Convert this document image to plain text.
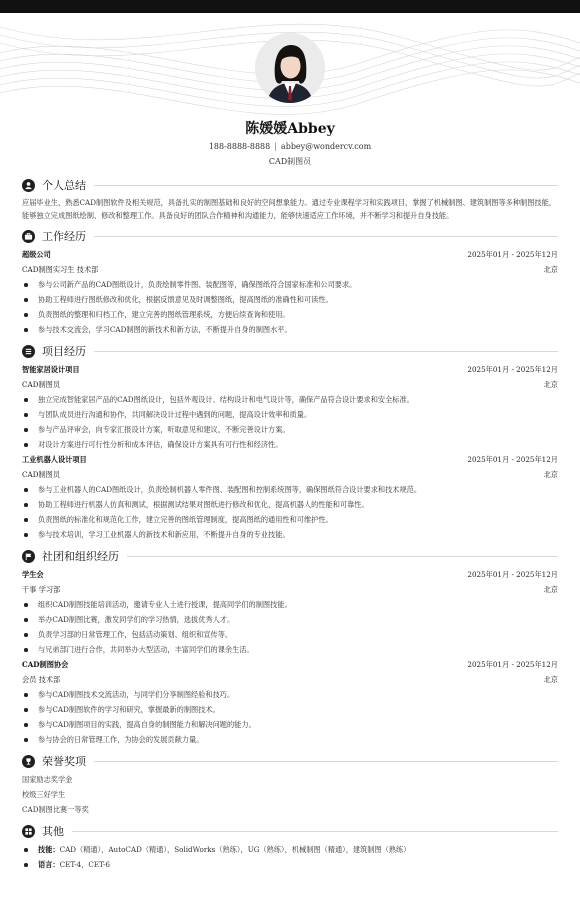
陈媛媛Abbey
188-8888-8888 | abbey@wondercv.com
CAD制图员
个人总结

应届毕业生，熟悉CAD制图软件及相关规范，具备扎实的制图基础和良好的空间想象能力。通过专业课程学习和实践项目，掌握了机械制图、建筑制图等多种制图技能，能够独立完成图纸绘制、修改和整理工作。具备良好的团队合作精神和沟通能力，能够快速适应工作环境，并不断学习和提升自身技能。

工作经历
超级公司	2025年01月 - 2025年12月
CAD制图实习生 技术部	北京
参与公司新产品的CAD图纸设计，负责绘制零件图、装配图等，确保图纸符合国家标准和公司要求。
协助工程师进行图纸修改和优化，根据反馈意见及时调整图纸，提高图纸的准确性和可读性。
负责图纸的整理和归档工作，建立完善的图纸管理系统，方便后续查询和使用。
参与技术交流会，学习CAD制图的新技术和新方法，不断提升自身的制图水平。
项目经历
智能家居设计项目	2025年01月 - 2025年12月
CAD制图员	北京
独立完成智能家居产品的CAD图纸设计，包括外观设计、结构设计和电气设计等，确保产品符合设计要求和安全标准。
与团队成员进行沟通和协作，共同解决设计过程中遇到的问题，提高设计效率和质量。
参与产品评审会，向专家汇报设计方案，听取意见和建议，不断完善设计方案。
对设计方案进行可行性分析和成本评估，确保设计方案具有可行性和经济性。
工业机器人设计项目	2025年01月 - 2025年12月
CAD制图员	北京
参与工业机器人的CAD图纸设计，负责绘制机器人零件图、装配图和控制系统图等，确保图纸符合设计要求和技术规范。
协助工程师进行机器人仿真和测试，根据测试结果对图纸进行修改和优化，提高机器人的性能和可靠性。
负责图纸的标准化和规范化工作，建立完善的图纸管理制度，提高图纸的通用性和可维护性。
参与技术培训，学习工业机器人的新技术和新应用，不断提升自身的专业技能。
社团和组织经历
学生会	2025年01月 - 2025年12月
干事 学习部	北京
组织CAD制图技能培训活动，邀请专业人士进行授课，提高同学们的制图技能。
举办CAD制图比赛，激发同学们的学习热情，选拔优秀人才。
负责学习部的日常管理工作，包括活动策划、组织和宣传等。
与兄弟部门进行合作，共同举办大型活动，丰富同学们的课余生活。
CAD制图协会	2025年01月 - 2025年12月
会员 技术部	北京
参与CAD制图技术交流活动，与同学们分享制图经验和技巧。
参与CAD制图软件的学习和研究，掌握最新的制图技术。
参与CAD制图项目的实践，提高自身的制图能力和解决问题的能力。
参与协会的日常管理工作，为协会的发展贡献力量。
荣誉奖项
国家励志奖学金
校级三好学生
CAD制图比赛一等奖
其他
技能：CAD（精通），AutoCAD（精通），SolidWorks（熟练），UG（熟练），机械制图（精通），建筑制图（熟练）
语言：CET-4，CET-6
